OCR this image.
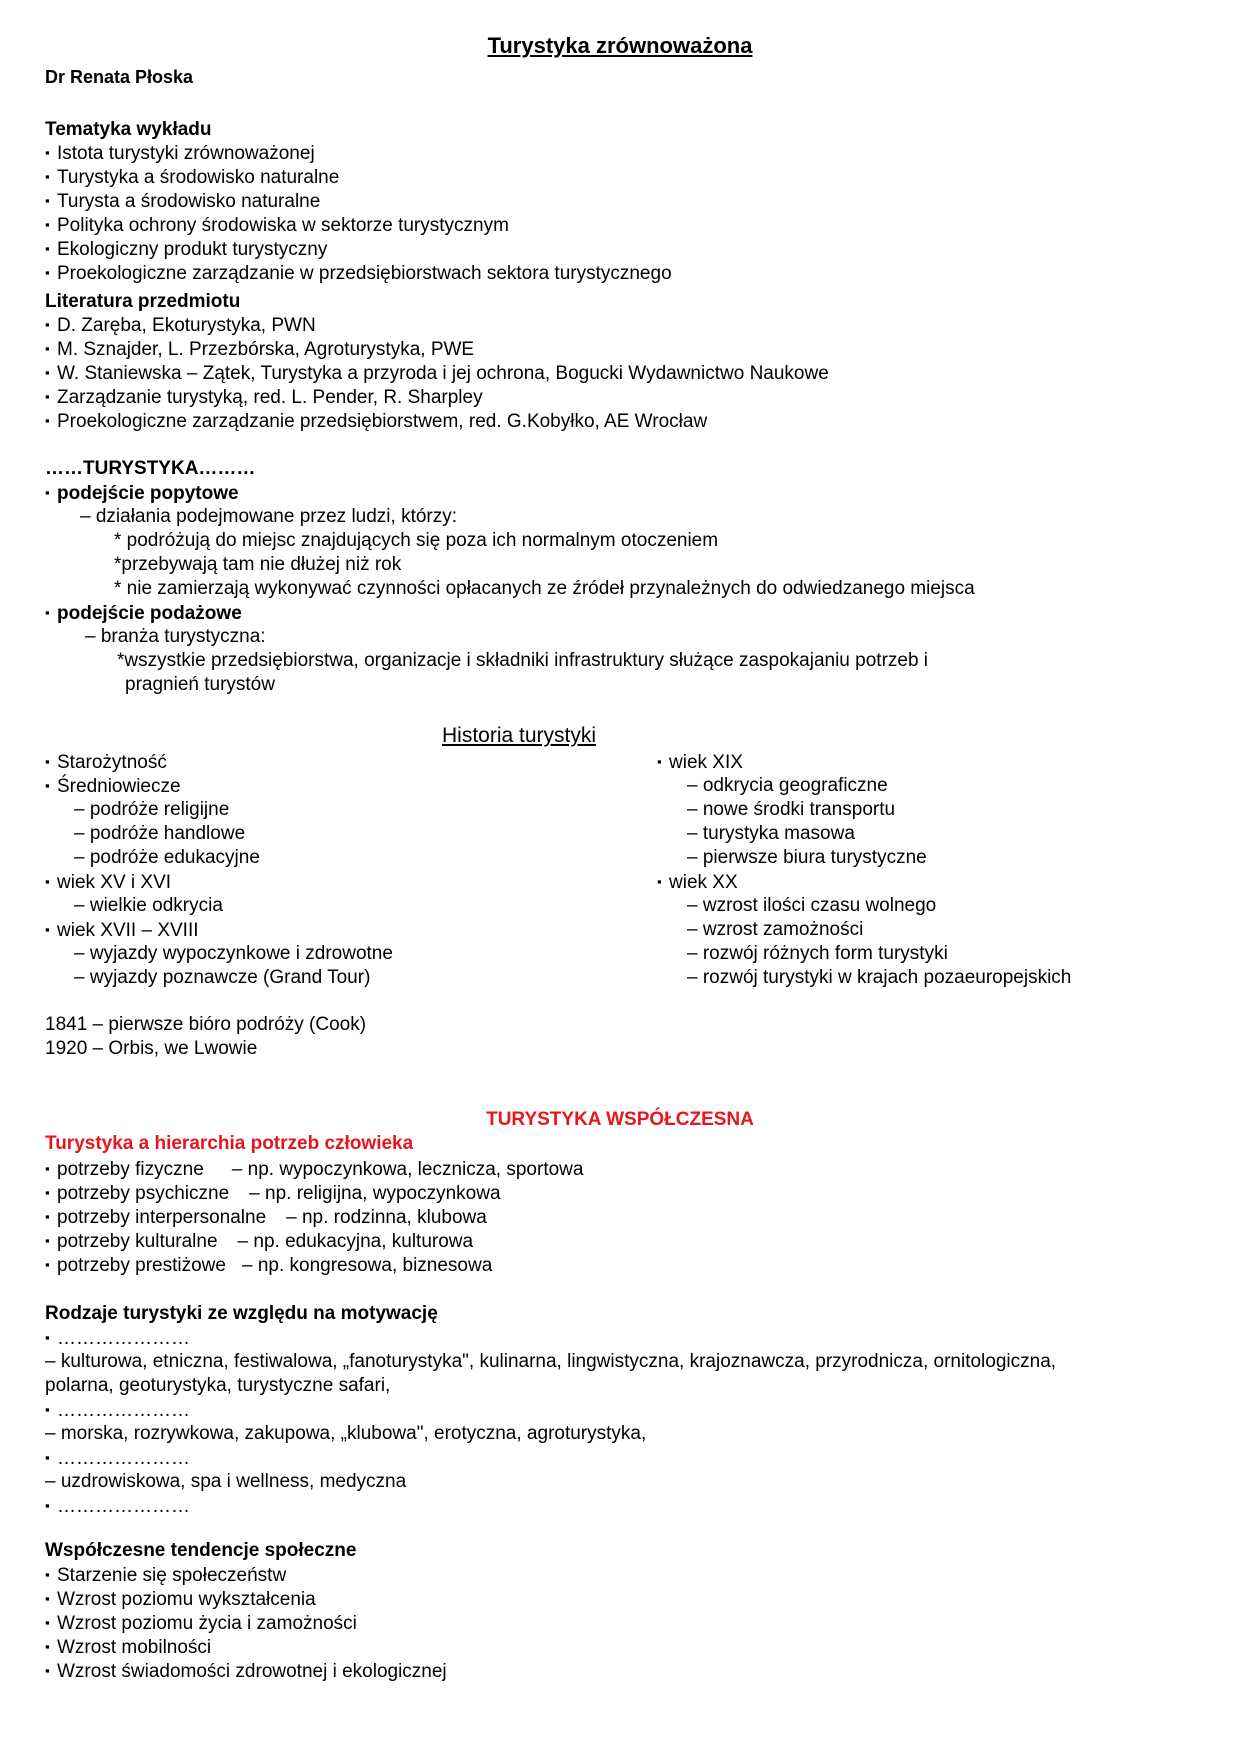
Turystyka zrównoważona
Dr Renata Płoska
Tematyka wykładu
▪ Istota turystyki zrównoważonej
▪ Turystyka a środowisko naturalne
▪ Turysta a środowisko naturalne
▪ Polityka ochrony środowiska w sektorze turystycznym
▪ Ekologiczny produkt turystyczny
▪ Proekologiczne zarządzanie w przedsiębiorstwach sektora turystycznego
Literatura przedmiotu
▪ D. Zaręba, Ekoturystyka, PWN
▪ M. Sznajder, L. Przezbórska, Agroturystyka, PWE
▪ W. Staniewska – Zątek, Turystyka a przyroda i jej ochrona, Bogucki Wydawnictwo Naukowe
▪ Zarządzanie turystyką, red. L. Pender, R. Sharpley
▪ Proekologiczne zarządzanie przedsiębiorstwem, red. G.Kobyłko, AE Wrocław
……TURYSTYKA………
▪ podejście popytowe
– działania podejmowane przez ludzi, którzy:
* podróżują do miejsc znajdujących się poza ich normalnym otoczeniem
*przebywają tam nie dłużej niż rok
* nie zamierzają wykonywać czynności opłacanych ze źródeł przynależnych do odwiedzanego miejsca
▪ podejście podażowe
– branża turystyczna:
*wszystkie przedsiębiorstwa, organizacje i składniki infrastruktury służące zaspokajaniu potrzeb i
pragnień turystów
Historia turystyki
▪ Starożytność
▪ Średniowiecze
– podróże religijne
– podróże handlowe
– podróże edukacyjne
▪ wiek XV i XVI
– wielkie odkrycia
▪ wiek XVII – XVIII
– wyjazdy wypoczynkowe i zdrowotne
– wyjazdy poznawcze (Grand Tour)
▪ wiek XIX
– odkrycia geograficzne
– nowe środki transportu
– turystyka masowa
– pierwsze biura turystyczne
▪ wiek XX
– wzrost ilości czasu wolnego
– wzrost zamożności
– rozwój różnych form turystyki
– rozwój turystyki w krajach pozaeuropejskich
1841 – pierwsze bióro podróży (Cook)
1920 – Orbis, we Lwowie
TURYSTYKA WSPÓŁCZESNA
Turystyka a hierarchia potrzeb człowieka
▪ potrzeby fizyczne – np. wypoczynkowa, lecznicza, sportowa
▪ potrzeby psychiczne – np. religijna, wypoczynkowa
▪ potrzeby interpersonalne – np. rodzinna, klubowa
▪ potrzeby kulturalne – np. edukacyjna, kulturowa
▪ potrzeby prestiżowe – np. kongresowa, biznesowa
Rodzaje turystyki ze względu na motywację
▪ …………………
– kulturowa, etniczna, festiwalowa, „fanoturystyka", kulinarna, lingwistyczna, krajoznawcza, przyrodnicza, ornitologiczna,
polarna, geoturystyka, turystyczne safari,
▪ …………………
– morska, rozrywkowa, zakupowa, „klubowa", erotyczna, agroturystyka,
▪ …………………
– uzdrowiskowa, spa i wellness, medyczna
▪ …………………
Współczesne tendencje społeczne
▪ Starzenie się społeczeństw
▪ Wzrost poziomu wykształcenia
▪ Wzrost poziomu życia i zamożności
▪ Wzrost mobilności
▪ Wzrost świadomości zdrowotnej i ekologicznej
